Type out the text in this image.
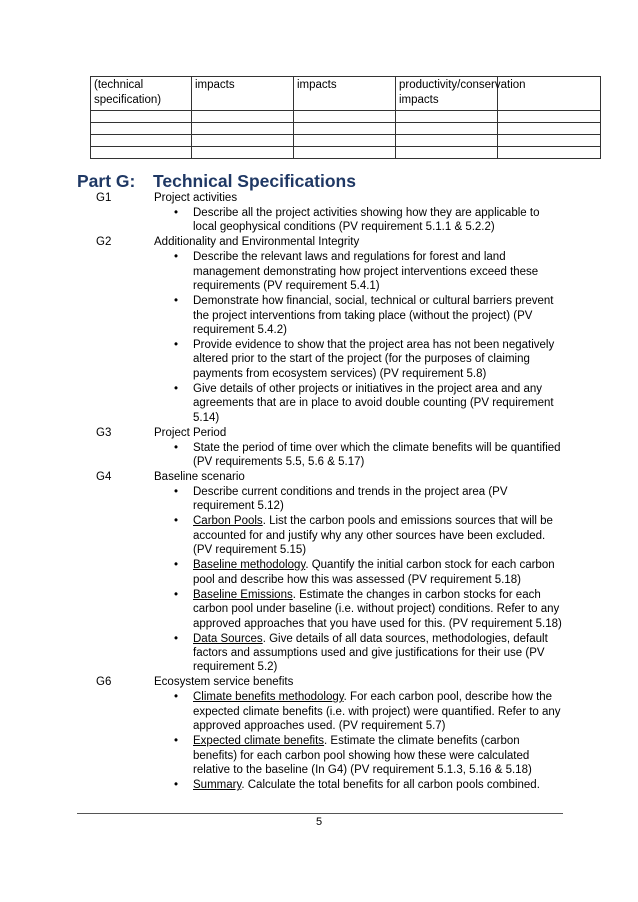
(technical specification)	impacts	impacts	productivity/conservation impacts	

Part G: Technical Specifications
G1	Project activities
• Describe all the project activities showing how they are applicable to local geophysical conditions (PV requirement 5.1.1 & 5.2.2)
G2	Additionality and Environmental Integrity
• Describe the relevant laws and regulations for forest and land management demonstrating how project interventions exceed these requirements (PV requirement 5.4.1)
• Demonstrate how financial, social, technical or cultural barriers prevent the project interventions from taking place (without the project) (PV requirement 5.4.2)
• Provide evidence to show that the project area has not been negatively altered prior to the start of the project (for the purposes of claiming payments from ecosystem services) (PV requirement 5.8)
• Give details of other projects or initiatives in the project area and any agreements that are in place to avoid double counting (PV requirement 5.14)
G3	Project Period
• State the period of time over which the climate benefits will be quantified (PV requirements 5.5, 5.6 & 5.17)
G4	Baseline scenario
• Describe current conditions and trends in the project area (PV requirement 5.12)
• Carbon Pools. List the carbon pools and emissions sources that will be accounted for and justify why any other sources have been excluded. (PV requirement 5.15)
• Baseline methodology. Quantify the initial carbon stock for each carbon pool and describe how this was assessed (PV requirement 5.18)
• Baseline Emissions. Estimate the changes in carbon stocks for each carbon pool under baseline (i.e. without project) conditions. Refer to any approved approaches that you have used for this. (PV requirement 5.18)
• Data Sources. Give details of all data sources, methodologies, default factors and assumptions used and give justifications for their use (PV requirement 5.2)
G6	Ecosystem service benefits
• Climate benefits methodology. For each carbon pool, describe how the expected climate benefits (i.e. with project) were quantified. Refer to any approved approaches used. (PV requirement 5.7)
• Expected climate benefits. Estimate the climate benefits (carbon benefits) for each carbon pool showing how these were calculated relative to the baseline (In G4) (PV requirement 5.1.3, 5.16 & 5.18)
• Summary. Calculate the total benefits for all carbon pools combined.
5
